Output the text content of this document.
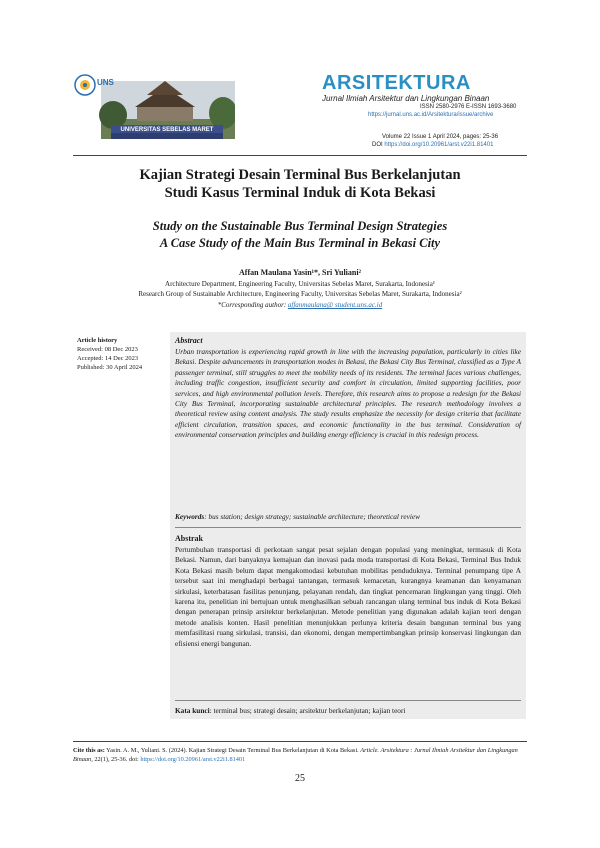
UNS
UNIVERSITAS SEBELAS MARET
ARSITEKTURA
Jurnal Ilmiah Arsitektur dan Lingkungan Binaan
ISSN 2580-2976 E-ISSN 1693-3680
https://jurnal.uns.ac.id/Arsitektura/issue/archive
Volume 22 Issue 1 April 2024, pages: 25-36
DOI https://doi.org/10.20961/arst.v22i1.81401
Kajian Strategi Desain Terminal Bus Berkelanjutan
Studi Kasus Terminal Induk di Kota Bekasi
Study on the Sustainable Bus Terminal Design Strategies
A Case Study of the Main Bus Terminal in Bekasi City
Affan Maulana Yasin¹*, Sri Yuliani²
Architecture Department, Engineering Faculty, Universitas Sebelas Maret, Surakarta, Indonesia¹
Research Group of Sustainable Architecture, Engineering Faculty, Universitas Sebelas Maret, Surakarta, Indonesia²
*Corresponding author: affanmaulana@ student.uns.ac.id
Article history
Received: 08 Dec 2023
Accepted: 14 Dec 2023
Published: 30 April 2024
Abstract
Urban transportation is experiencing rapid growth in line with the increasing population, particularly in cities like Bekasi. Despite advancements in transportation modes in Bekasi, the Bekasi City Bus Terminal, classified as a Type A passenger terminal, still struggles to meet the mobility needs of its residents. The terminal faces various challenges, including traffic congestion, insufficient security and comfort in circulation, limited supporting facilities, poor services, and high environmental pollution levels. Therefore, this research aims to propose a redesign for the Bekasi City Bus Terminal, incorporating sustainable architectural principles. The research methodology involves a theoretical review using content analysis. The study results emphasize the necessity for design criteria that facilitate efficient circulation, transition spaces, and economic functionality in the bus terminal. Consideration of environmental conservation principles and building energy efficiency is crucial in this redesign process.
Keywords: bus station; design strategy; sustainable architecture; theoretical review
Abstrak
Pertumbuhan transportasi di perkotaan sangat pesat sejalan dengan populasi yang meningkat, termasuk di Kota Bekasi. Namun, dari banyaknya kemajuan dan inovasi pada moda transportasi di Kota Bekasi, Terminal Bus Induk Kota Bekasi masih belum dapat mengakomodasi kebutuhan mobilitas penduduknya. Terminal penumpang tipe A tersebut saat ini menghadapi berbagai tantangan, termasuk kemacetan, kurangnya keamanan dan kenyamanan sirkulasi, keterbatasan fasilitas penunjang, pelayanan rendah, dan tingkat pencemaran lingkungan yang tinggi. Oleh karena itu, penelitian ini bertujuan untuk menghasilkan sebuah rancangan ulang terminal bus induk di Kota Bekasi dengan penerapan prinsip arsitektur berkelanjutan. Metode penelitian yang digunakan adalah kajian teori dengan metode analisis konten. Hasil penelitian menunjukkan perlunya kriteria desain bangunan terminal bus yang memfasilitasi ruang sirkulasi, transisi, dan ekonomi, dengan mempertimbangkan prinsip konservasi lingkungan dan efisiensi energi bangunan.
Kata kunci: terminal bus; strategi desain; arsitektur berkelanjutan; kajian teori
Cite this as: Yasin. A. M., Yuliani. S. (2024). Kajian Strategi Desain Terminal Bus Berkelanjutan di Kota Bekasi. Article. Arsitektura : Jurnal Ilmiah Arsitektur dan Lingkungan Binaan, 22(1), 25-36. doi: https://doi.org/10.20961/arst.v22i1.81401
25
